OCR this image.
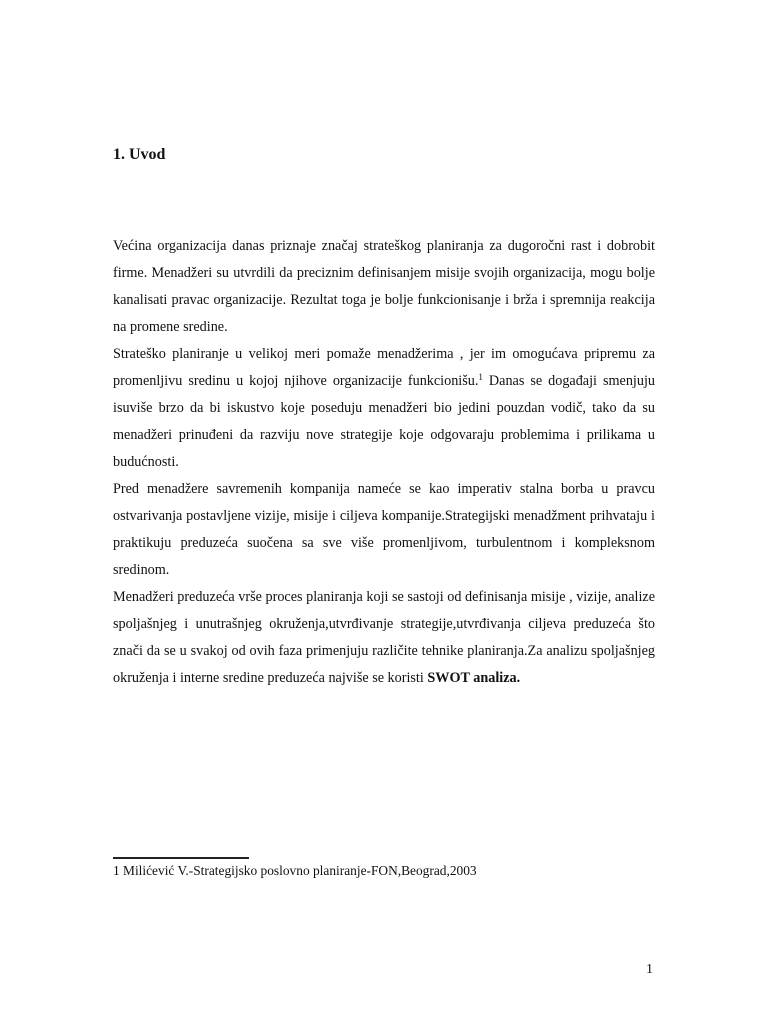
1. Uvod

Većina organizacija danas priznaje značaj strateškog planiranja za dugoročni rast i dobrobit firme. Menadžeri su utvrdili da preciznim definisanjem misije svojih organizacija, mogu bolje kanalisati pravac organizacije. Rezultat toga je bolje funkcionisanje i brža i spremnija reakcija na promene sredine.

Strateško planiranje u velikoj meri pomaže menadžerima , jer im omogućava pripremu za promenljivu sredinu u kojoj njihove organizacije funkcionišu.$^1$ Danas se događaji smenjuju isuviše brzo da bi iskustvo koje poseduju menadžeri bio jedini pouzdan vodič, tako da su menadžeri prinuđeni da razviju nove strategije koje odgovaraju problemima i prilikama u budućnosti.

Pred menadžere savremenih kompanija nameće se kao imperativ stalna borba u pravcu ostvarivanja postavljene vizije, misije i ciljeva kompanije.Strategijski menadžment prihvataju i praktikuju preduzeća suočena sa sve više promenljivom, turbulentnom i kompleksnom sredinom.

Menadžeri preduzeća vrše proces planiranja koji se sastoji od definisanja misije , vizije, analize spoljašnjeg i unutrašnjeg okruženja,utvrđivanje strategije,utvrđivanja ciljeva preduzeća što znači da se u svakoj od ovih faza primenjuju različite tehnike planiranja.Za analizu spoljašnjeg okruženja i interne sredine preduzeća najviše se koristi SWOT analiza.

1 Milićević V.-Strategijsko poslovno planiranje-FON,Beograd,2003

1
